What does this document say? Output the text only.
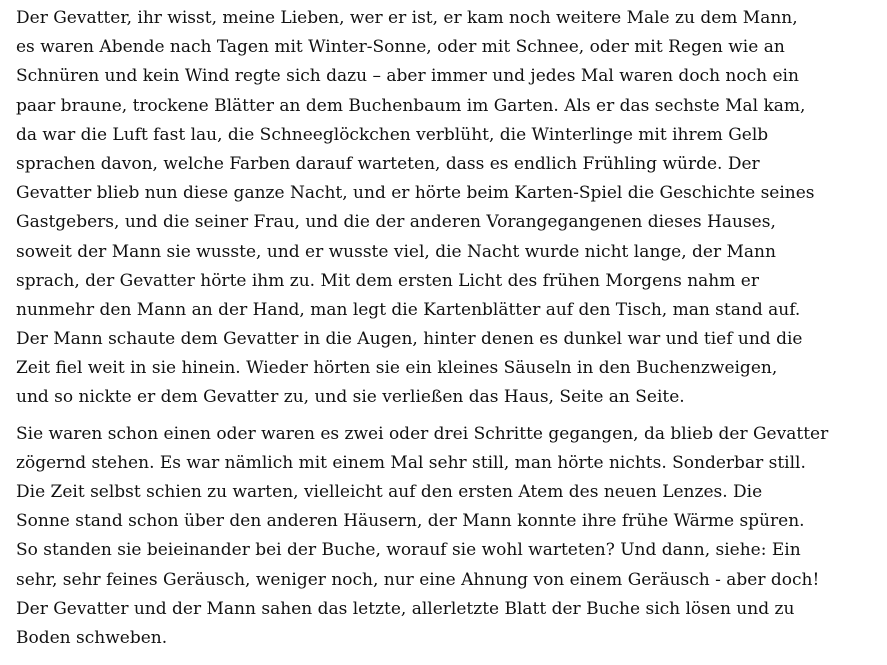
Der Gevatter, ihr wisst, meine Lieben, wer er ist, er kam noch weitere Male zu dem Mann,
es waren Abende nach Tagen mit Winter-Sonne, oder mit Schnee, oder mit Regen wie an
Schnüren und kein Wind regte sich dazu – aber immer und jedes Mal waren doch noch ein
paar braune, trockene Blätter an dem Buchenbaum im Garten. Als er das sechste Mal kam,
da war die Luft fast lau, die Schneeglöckchen verblüht, die Winterlinge mit ihrem Gelb
sprachen davon, welche Farben darauf warteten, dass es endlich Frühling würde. Der
Gevatter blieb nun diese ganze Nacht, und er hörte beim Karten-Spiel die Geschichte seines
Gastgebers, und die seiner Frau, und die der anderen Vorangegangenen dieses Hauses,
soweit der Mann sie wusste, und er wusste viel, die Nacht wurde nicht lange, der Mann
sprach, der Gevatter hörte ihm zu. Mit dem ersten Licht des frühen Morgens nahm er
nunmehr den Mann an der Hand, man legt die Kartenblätter auf den Tisch, man stand auf.
Der Mann schaute dem Gevatter in die Augen, hinter denen es dunkel war und tief und die
Zeit fiel weit in sie hinein. Wieder hörten sie ein kleines Säuseln in den Buchenzweigen,
und so nickte er dem Gevatter zu, und sie verließen das Haus, Seite an Seite.
Sie waren schon einen oder waren es zwei oder drei Schritte gegangen, da blieb der Gevatter
zögernd stehen. Es war nämlich mit einem Mal sehr still, man hörte nichts. Sonderbar still.
Die Zeit selbst schien zu warten, vielleicht auf den ersten Atem des neuen Lenzes. Die
Sonne stand schon über den anderen Häusern, der Mann konnte ihre frühe Wärme spüren.
So standen sie beieinander bei der Buche, worauf sie wohl warteten? Und dann, siehe: Ein
sehr, sehr feines Geräusch, weniger noch, nur eine Ahnung von einem Geräusch - aber doch!
Der Gevatter und der Mann sahen das letzte, allerletzte Blatt der Buche sich lösen und zu
Boden schweben.
